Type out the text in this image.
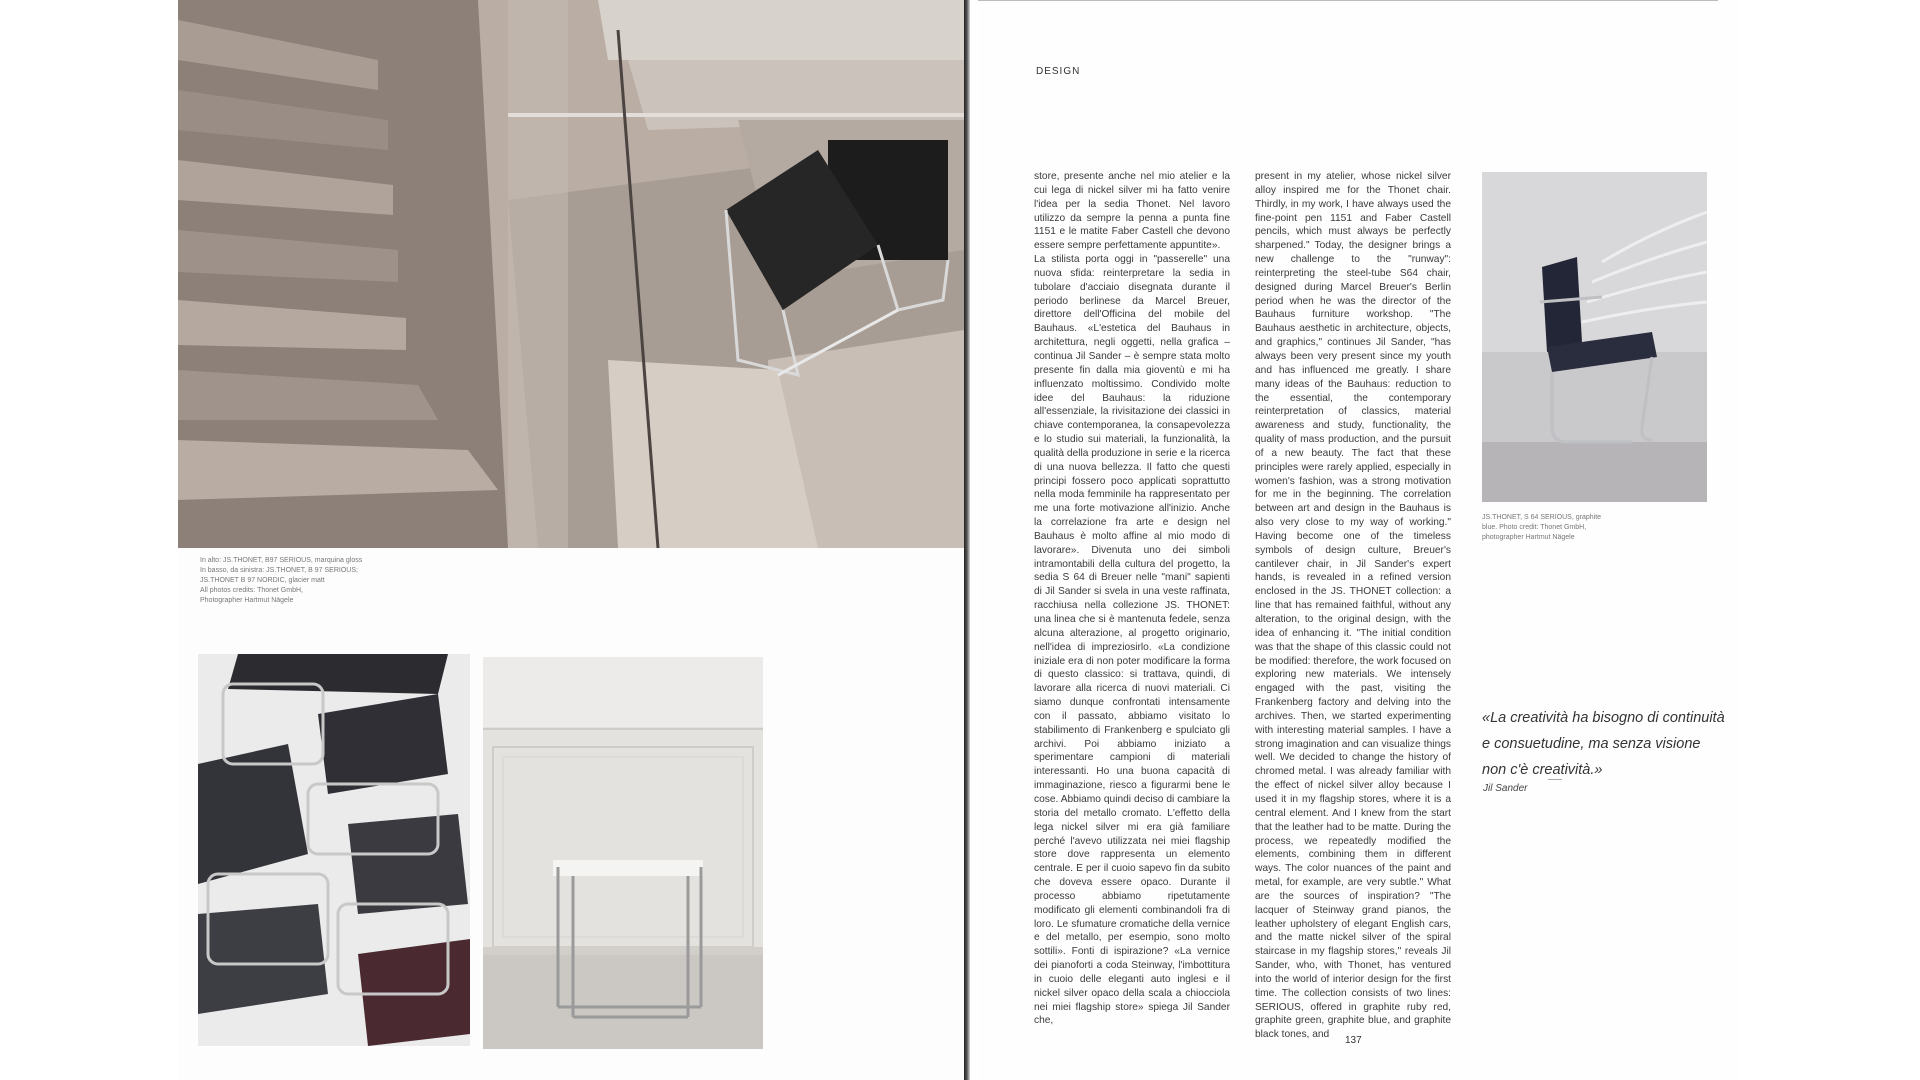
In alto: JS.THONET, B97 SERIOUS, marquina gloss
In basso, da sinistra: JS.THONET, B 97 SERIOUS;
JS.THONET B 97 NORDIC, glacier matt
All photos credits: Thonet GmbH,
Photographer Hartmut Nägele
DESIGN

store, presente anche nel mio atelier e la cui lega di nickel silver mi ha fatto venire l'idea per la sedia Thonet. Nel lavoro utilizzo da sempre la penna a punta fine 1151 e le matite Faber Castell che devono essere sempre perfettamente appuntite».

La stilista porta oggi in "passerelle" una nuova sfida: reinterpretare la sedia in tubolare d'acciaio disegnata durante il periodo berlinese da Marcel Breuer, direttore dell'Officina del mobile del Bauhaus. «L'estetica del Bauhaus in architettura, negli oggetti, nella grafica – continua Jil Sander – è sempre stata molto presente fin dalla mia gioventù e mi ha influenzato moltissimo. Condivido molte idee del Bauhaus: la riduzione all'essenziale, la rivisitazione dei classici in chiave contemporanea, la consapevolezza e lo studio sui materiali, la funzionalità, la qualità della produzione in serie e la ricerca di una nuova bellezza. Il fatto che questi principi fossero poco applicati soprattutto nella moda femminile ha rappresentato per me una forte motivazione all'inizio. Anche la correlazione fra arte e design nel Bauhaus è molto affine al mio modo di lavorare». Divenuta uno dei simboli intramontabili della cultura del progetto, la sedia S 64 di Breuer nelle "mani" sapienti di Jil Sander si svela in una veste raffinata, racchiusa nella collezione JS. THONET: una linea che si è mantenuta fedele, senza alcuna alterazione, al progetto originario, nell'idea di impreziosirlo. «La condizione iniziale era di non poter modificare la forma di questo classico: si trattava, quindi, di lavorare alla ricerca di nuovi materiali. Ci siamo dunque confrontati intensamente con il passato, abbiamo visitato lo stabilimento di Frankenberg e spulciato gli archivi. Poi abbiamo iniziato a sperimentare campioni di materiali interessanti. Ho una buona capacità di immaginazione, riesco a figurarmi bene le cose. Abbiamo quindi deciso di cambiare la storia del metallo cromato. L'effetto della lega nickel silver mi era già familiare perché l'avevo utilizzata nei miei flagship store dove rappresenta un elemento centrale. E per il cuoio sapevo fin da subito che doveva essere opaco. Durante il processo abbiamo ripetutamente modificato gli elementi combinandoli fra di loro. Le sfumature cromatiche della vernice e del metallo, per esempio, sono molto sottili». Fonti di ispirazione? «La vernice dei pianoforti a coda Steinway, l'imbottitura in cuoio delle eleganti auto inglesi e il nickel silver opaco della scala a chiocciola nei miei flagship store» spiega Jil Sander che,

present in my atelier, whose nickel silver alloy inspired me for the Thonet chair. Thirdly, in my work, I have always used the fine-point pen 1151 and Faber Castell pencils, which must always be perfectly sharpened." Today, the designer brings a new challenge to the "runway": reinterpreting the steel-tube S64 chair, designed during Marcel Breuer's Berlin period when he was the director of the Bauhaus furniture workshop. "The Bauhaus aesthetic in architecture, objects, and graphics," continues Jil Sander, "has always been very present since my youth and has influenced me greatly. I share many ideas of the Bauhaus: reduction to the essential, the contemporary reinterpretation of classics, material awareness and study, functionality, the quality of mass production, and the pursuit of a new beauty. The fact that these principles were rarely applied, especially in women's fashion, was a strong motivation for me in the beginning. The correlation between art and design in the Bauhaus is also very close to my way of working." Having become one of the timeless symbols of design culture, Breuer's cantilever chair, in Jil Sander's expert hands, is revealed in a refined version enclosed in the JS. THONET collection: a line that has remained faithful, without any alteration, to the original design, with the idea of enhancing it. "The initial condition was that the shape of this classic could not be modified: therefore, the work focused on exploring new materials. We intensely engaged with the past, visiting the Frankenberg factory and delving into the archives. Then, we started experimenting with interesting material samples. I have a strong imagination and can visualize things well. We decided to change the history of chromed metal. I was already familiar with the effect of nickel silver alloy because I used it in my flagship stores, where it is a central element. And I knew from the start that the leather had to be matte. During the process, we repeatedly modified the elements, combining them in different ways. The color nuances of the paint and metal, for example, are very subtle." What are the sources of inspiration? "The lacquer of Steinway grand pianos, the leather upholstery of elegant English cars, and the matte nickel silver of the spiral staircase in my flagship stores," reveals Jil Sander, who, with Thonet, has ventured into the world of interior design for the first time. The collection consists of two lines: SERIOUS, offered in graphite ruby red, graphite green, graphite blue, and graphite black tones, and

JS.THONET, S 64 SERIOUS, graphite
blue. Photo credit: Thonet GmbH,
photographer Hartmut Nägele
«La creatività ha bisogno di continuità
e consuetudine, ma senza visione
non c'è creatività.»
Jil Sander
137
